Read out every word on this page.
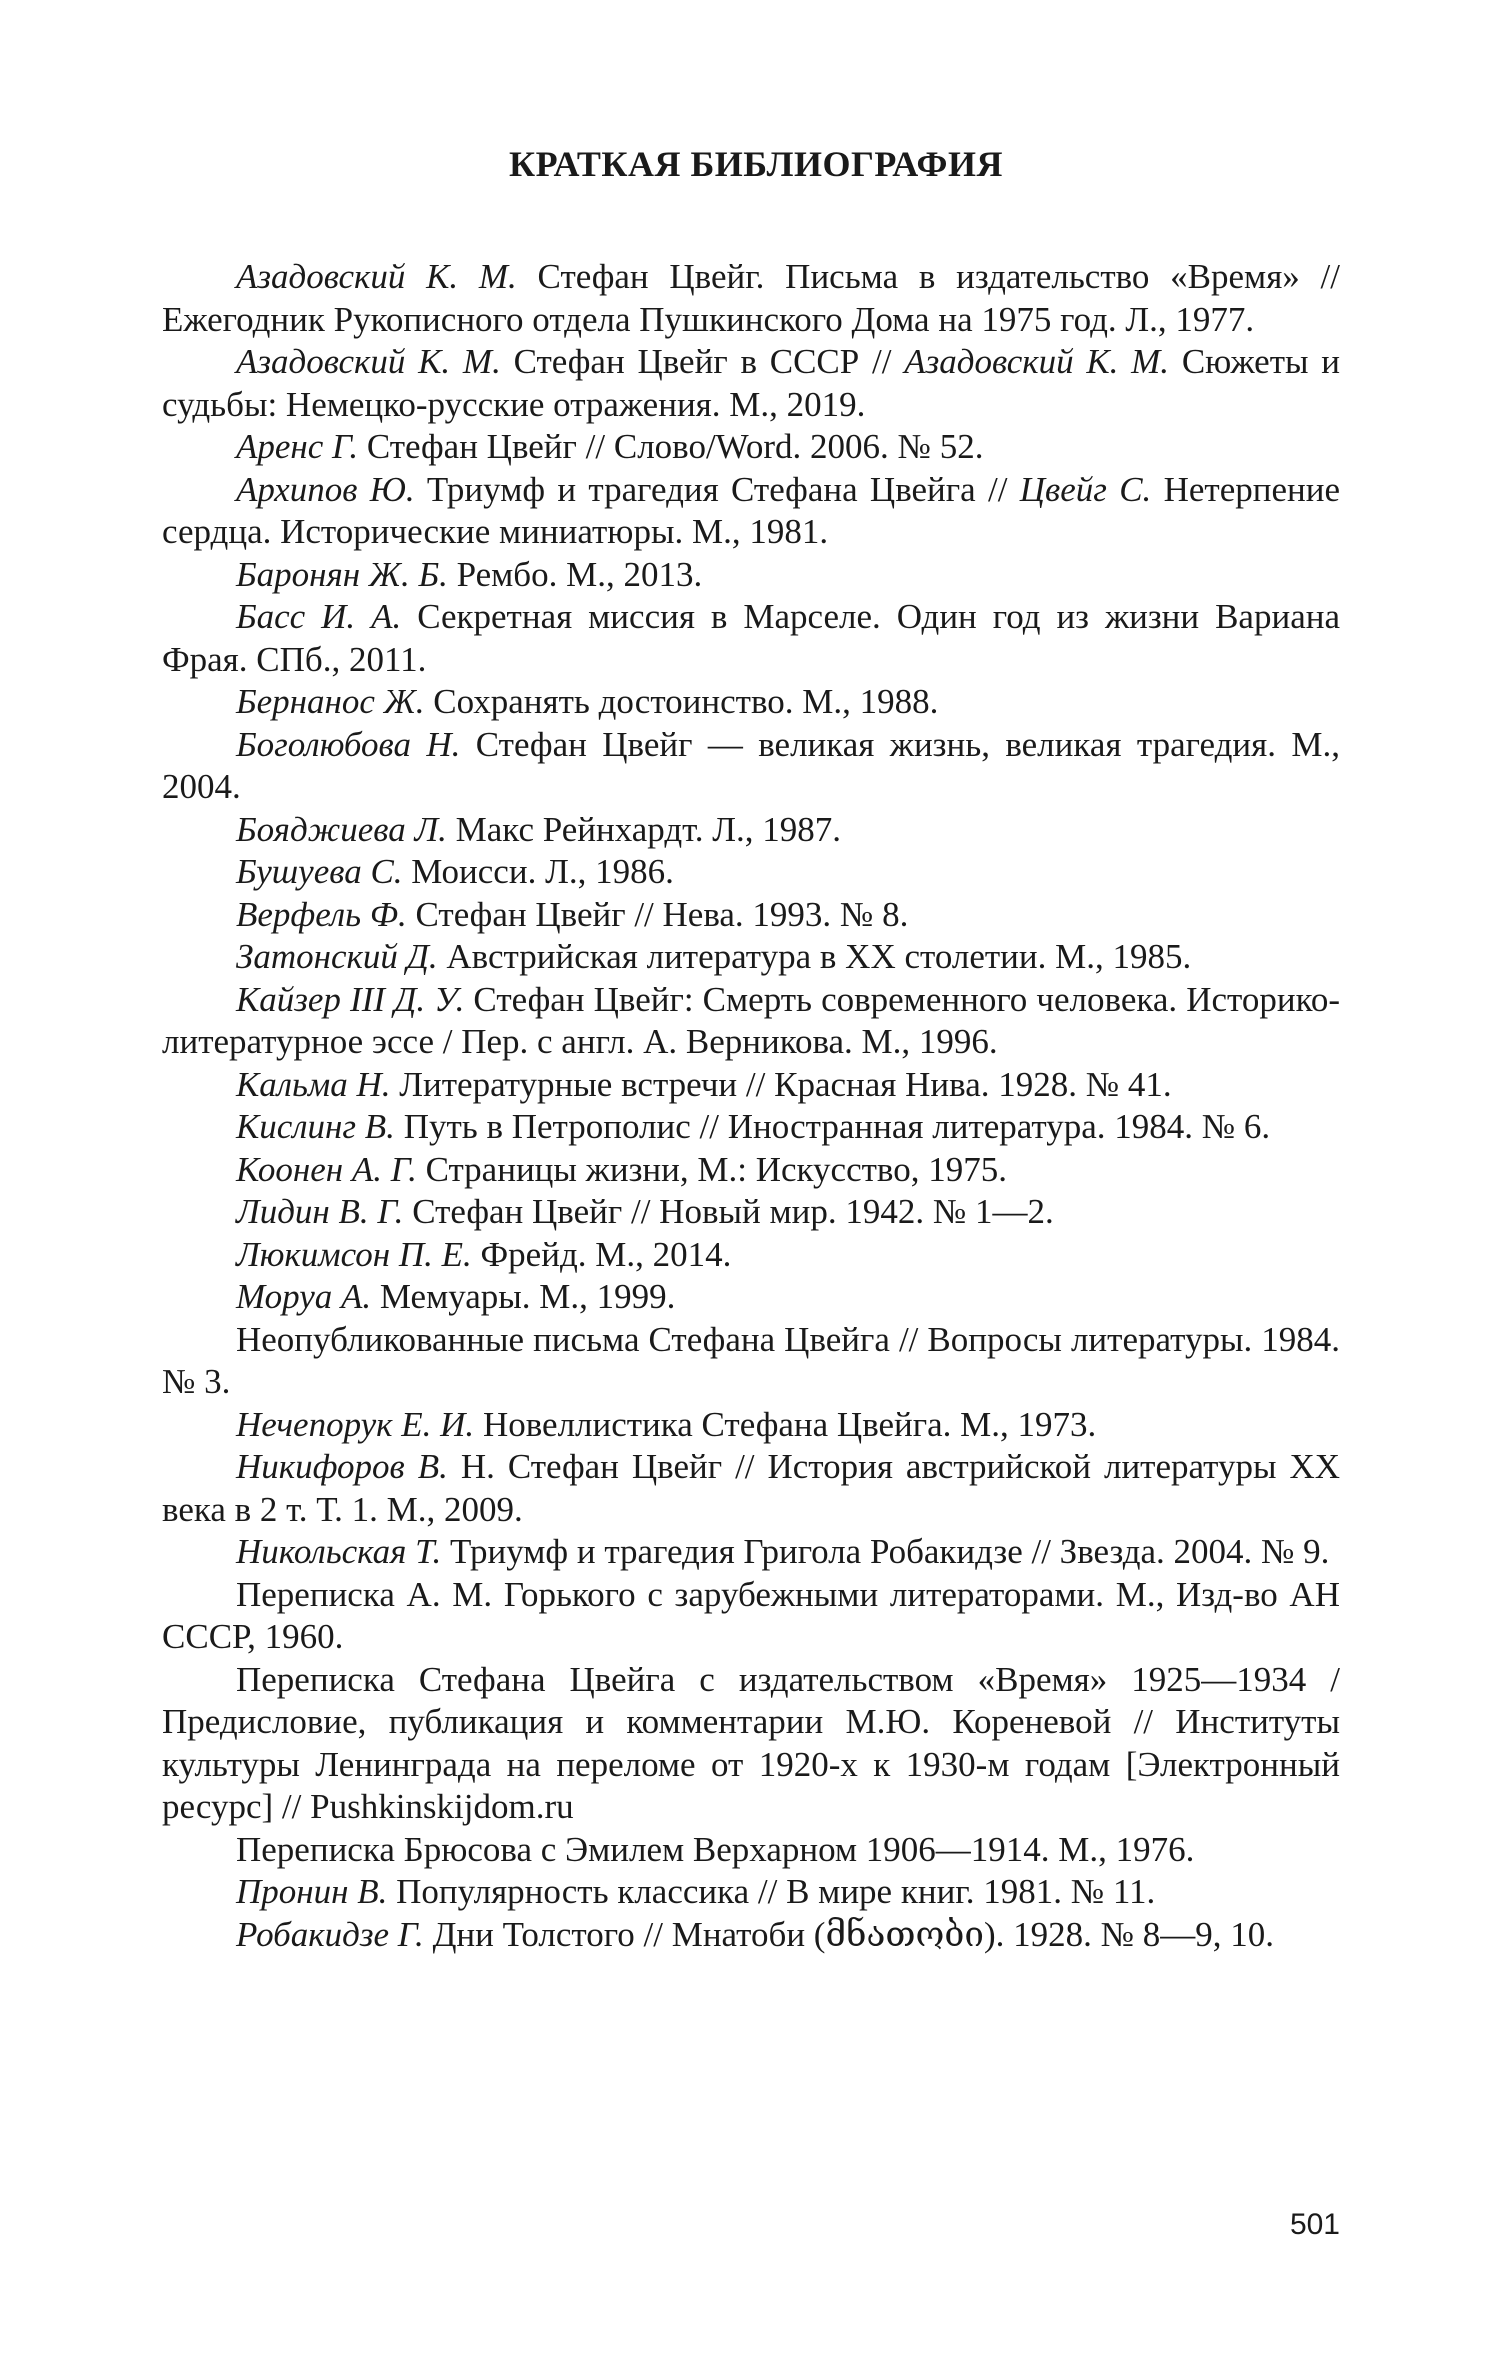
КРАТКАЯ БИБЛИОГРАФИЯ
Азадовский К. М. Стефан Цвейг. Письма в издательство «Время» // Ежегодник Рукописного отдела Пушкинского Дома на 1975 год. Л., 1977.
Азадовский К. М. Стефан Цвейг в СССР // Азадовский К. М. Сюжеты и судьбы: Немецко-русские отражения. М., 2019.
Аренс Г. Стефан Цвейг // Слово/Word. 2006. № 52.
Архипов Ю. Триумф и трагедия Стефана Цвейга // Цвейг С. Нетерпение сердца. Исторические миниатюры. М., 1981.
Баронян Ж. Б. Рембо. М., 2013.
Басс И. А. Секретная миссия в Марселе. Один год из жизни Вариана Фрая. СПб., 2011.
Бернанос Ж. Сохранять достоинство. М., 1988.
Боголюбова Н. Стефан Цвейг — великая жизнь, великая трагедия. М., 2004.
Бояджиева Л. Макс Рейнхардт. Л., 1987.
Бушуева С. Моисси. Л., 1986.
Верфель Ф. Стефан Цвейг // Нева. 1993. № 8.
Затонский Д. Австрийская литература в XX столетии. М., 1985.
Кайзер III Д. У. Стефан Цвейг: Смерть современного человека. Историко-литературное эссе / Пер. с англ. А. Верникова. М., 1996.
Кальма Н. Литературные встречи // Красная Нива. 1928. № 41.
Кислинг В. Путь в Петрополис // Иностранная литература. 1984. № 6.
Коонен А. Г. Страницы жизни, М.: Искусство, 1975.
Лидин В. Г. Стефан Цвейг // Новый мир. 1942. № 1—2.
Люкимсон П. Е. Фрейд. М., 2014.
Моруа А. Мемуары. М., 1999.
Неопубликованные письма Стефана Цвейга // Вопросы литературы. 1984. № 3.
Нечепорук Е. И. Новеллистика Стефана Цвейга. М., 1973.
Никифоров В. Н. Стефан Цвейг // История австрийской литературы XX века в 2 т. Т. 1. М., 2009.
Никольская Т. Триумф и трагедия Григола Робакидзе // Звезда. 2004. № 9.
Переписка А. М. Горького с зарубежными литераторами. М., Изд-во АН СССР, 1960.
Переписка Стефана Цвейга с издательством «Время» 1925—1934 / Предисловие, публикация и комментарии М.Ю. Кореневой // Институты культуры Ленинграда на переломе от 1920-х к 1930-м годам [Электронный ресурс] // Pushkinskijdom.ru
Переписка Брюсова с Эмилем Верхарном 1906—1914. М., 1976.
Пронин В. Популярность классика // В мире книг. 1981. № 11.
Робакидзе Г. Дни Толстого // Мнатоби (მნათობი). 1928. № 8—9, 10.
501
